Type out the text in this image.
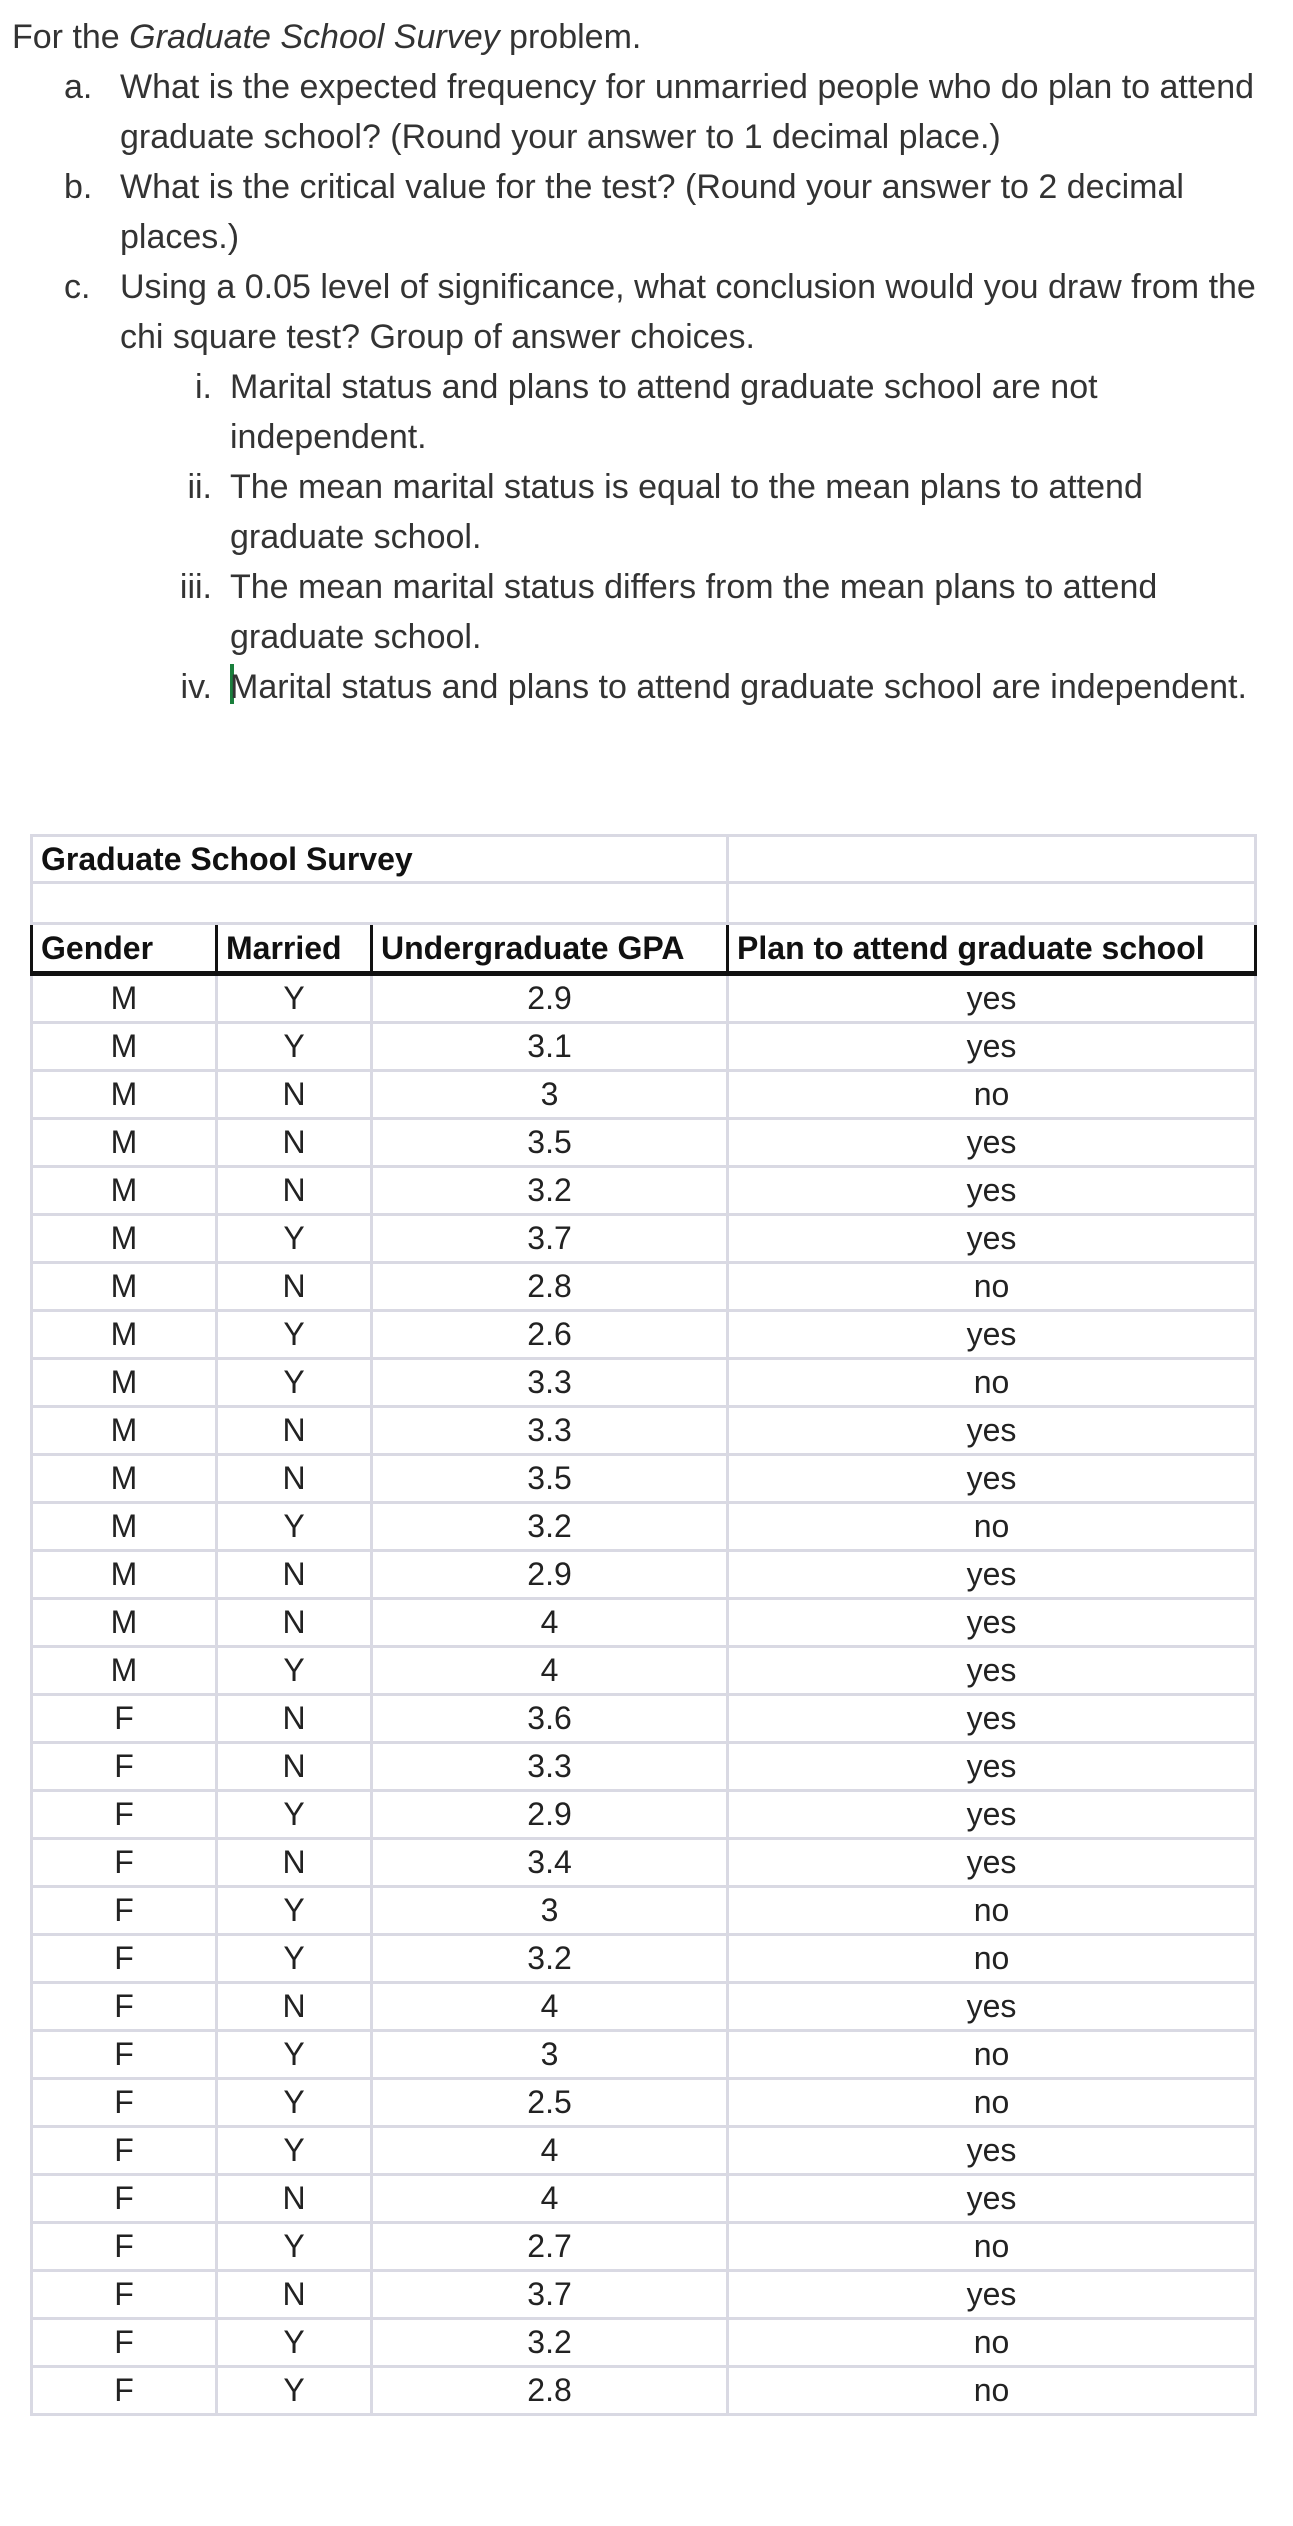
For the Graduate School Survey problem.

a. What is the expected frequency for unmarried people who do plan to attend graduate school? (Round your answer to 1 decimal place.)
b. What is the critical value for the test? (Round your answer to 2 decimal places.)
c. Using a 0.05 level of significance, what conclusion would you draw from the chi square test? Group of answer choices.
i. Marital status and plans to attend graduate school are not independent.
ii. The mean marital status is equal to the mean plans to attend graduate school.
iii. The mean marital status differs from the mean plans to attend graduate school.
iv. Marital status and plans to attend graduate school are independent.
Graduate School Survey			

Gender	Married	Undergraduate GPA	Plan to attend graduate school
M	Y	2.9	yes
M	Y	3.1	yes
M	N	3	no
M	N	3.5	yes
M	N	3.2	yes
M	Y	3.7	yes
M	N	2.8	no
M	Y	2.6	yes
M	Y	3.3	no
M	N	3.3	yes
M	N	3.5	yes
M	Y	3.2	no
M	N	2.9	yes
M	N	4	yes
M	Y	4	yes
F	N	3.6	yes
F	N	3.3	yes
F	Y	2.9	yes
F	N	3.4	yes
F	Y	3	no
F	Y	3.2	no
F	N	4	yes
F	Y	3	no
F	Y	2.5	no
F	Y	4	yes
F	N	4	yes
F	Y	2.7	no
F	N	3.7	yes
F	Y	3.2	no
F	Y	2.8	no
